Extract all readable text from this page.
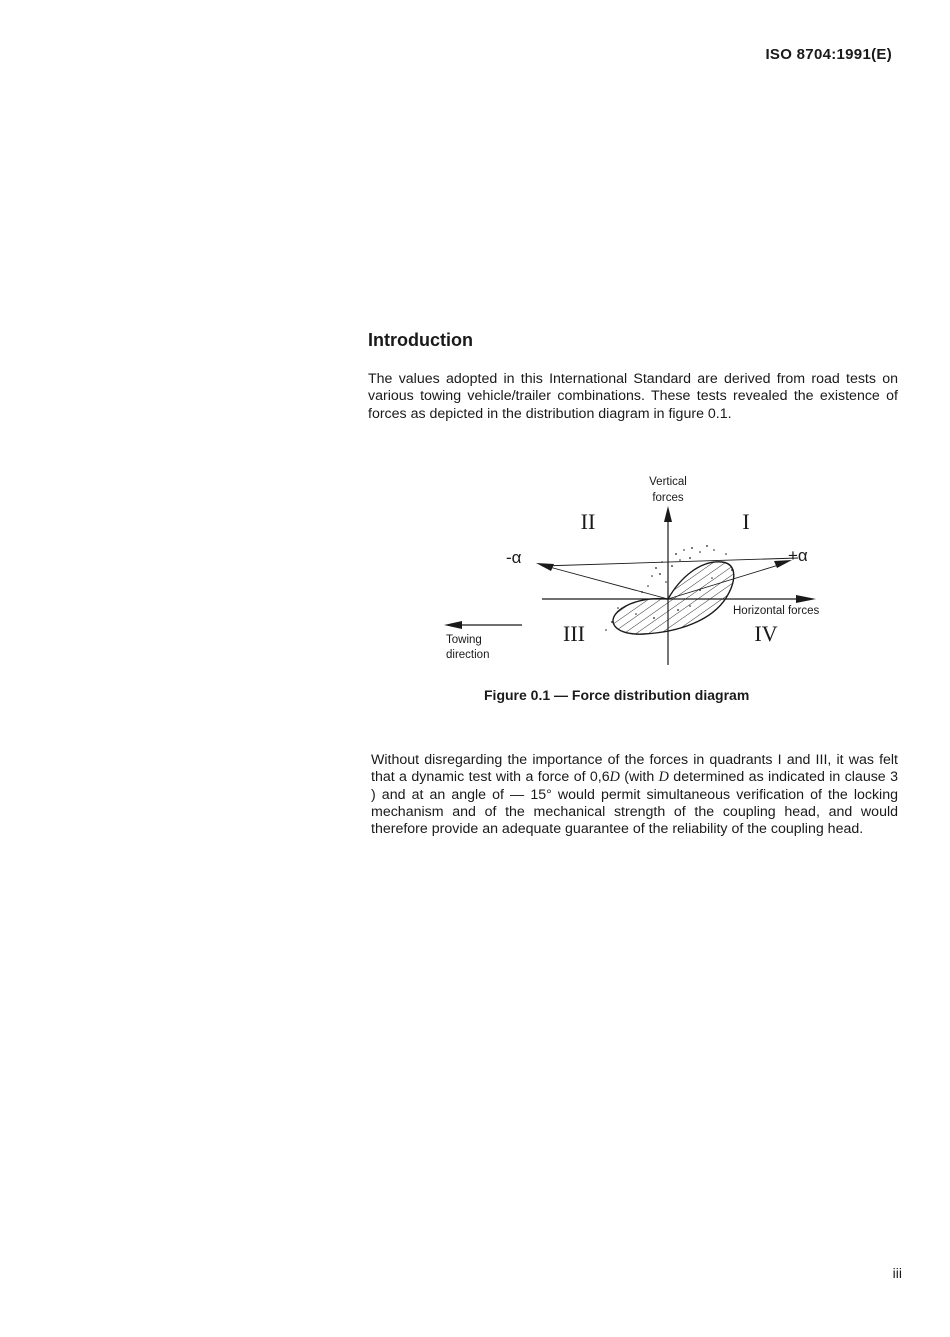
ISO 8704:1991(E)
Introduction

The values adopted in this International Standard are derived from road tests on various towing vehicle/trailer combinations. These tests revealed the existence of forces as depicted in the distribution diagram in figure 0.1.

Vertical
forces
Horizontal forces
Towing
direction
-α	+α
I
II
III	IV
Figure 0.1 — Force distribution diagram

Without disregarding the importance of the forces in quadrants I and III, it was felt that a dynamic test with a force of 0,6D (with D determined as indicated in clause 3 ) and at an angle of — 15° would permit simultaneous verification of the locking mechanism and of the mechanical strength of the coupling head, and would therefore provide an adequate guarantee of the reliability of the coupling head.

iii
